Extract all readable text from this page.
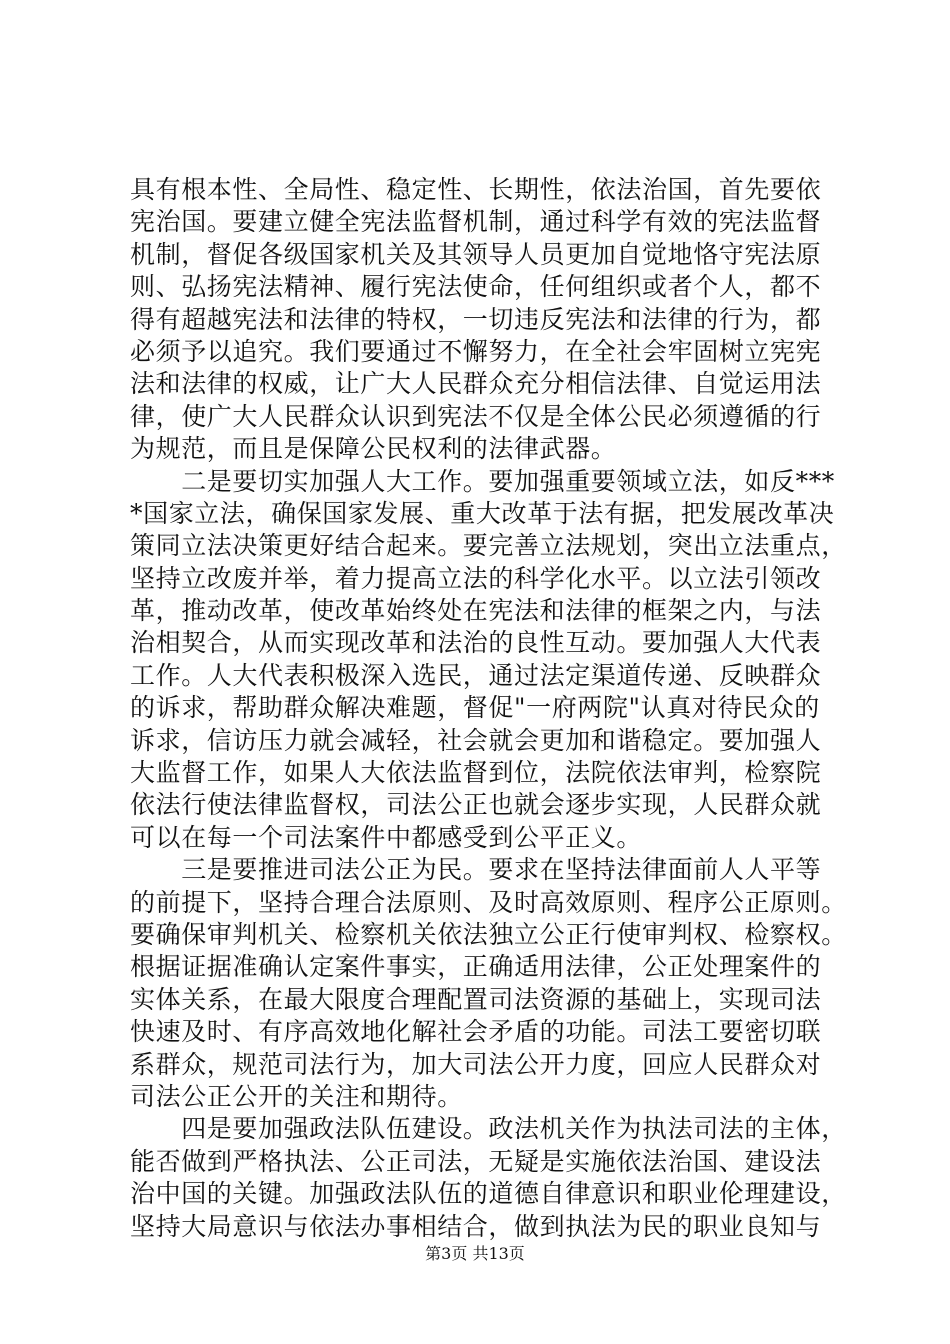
具有根本性、全局性、稳定性、长期性，依法治国，首先要依
宪治国。要建立健全宪法监督机制，通过科学有效的宪法监督
机制，督促各级国家机关及其领导人员更加自觉地恪守宪法原
则、弘扬宪法精神、履行宪法使命，任何组织或者个人，都不
得有超越宪法和法律的特权，一切违反宪法和法律的行为，都
必须予以追究。我们要通过不懈努力，在全社会牢固树立宪宪
法和法律的权威，让广大人民群众充分相信法律、自觉运用法
律，使广大人民群众认识到宪法不仅是全体公民必须遵循的行
为规范，而且是保障公民权利的法律武器。
　　二是要切实加强人大工作。要加强重要领域立法，如反***
*国家立法，确保国家发展、重大改革于法有据，把发展改革决
策同立法决策更好结合起来。要完善立法规划，突出立法重点，
坚持立改废并举，着力提高立法的科学化水平。以立法引领改
革，推动改革，使改革始终处在宪法和法律的框架之内，与法
治相契合，从而实现改革和法治的良性互动。要加强人大代表
工作。人大代表积极深入选民，通过法定渠道传递、反映群众
的诉求，帮助群众解决难题，督促"一府两院"认真对待民众的
诉求，信访压力就会减轻，社会就会更加和谐稳定。要加强人
大监督工作，如果人大依法监督到位，法院依法审判，检察院
依法行使法律监督权，司法公正也就会逐步实现，人民群众就
可以在每一个司法案件中都感受到公平正义。
　　三是要推进司法公正为民。要求在坚持法律面前人人平等
的前提下，坚持合理合法原则、及时高效原则、程序公正原则。
要确保审判机关、检察机关依法独立公正行使审判权、检察权。
根据证据准确认定案件事实，正确适用法律，公正处理案件的
实体关系，在最大限度合理配置司法资源的基础上，实现司法
快速及时、有序高效地化解社会矛盾的功能。司法工要密切联
系群众，规范司法行为，加大司法公开力度，回应人民群众对
司法公正公开的关注和期待。
　　四是要加强政法队伍建设。政法机关作为执法司法的主体，
能否做到严格执法、公正司法，无疑是实施依法治国、建设法
治中国的关键。加强政法队伍的道德自律意识和职业伦理建设，
坚持大局意识与依法办事相结合，做到执法为民的职业良知与
第3页 共13页
